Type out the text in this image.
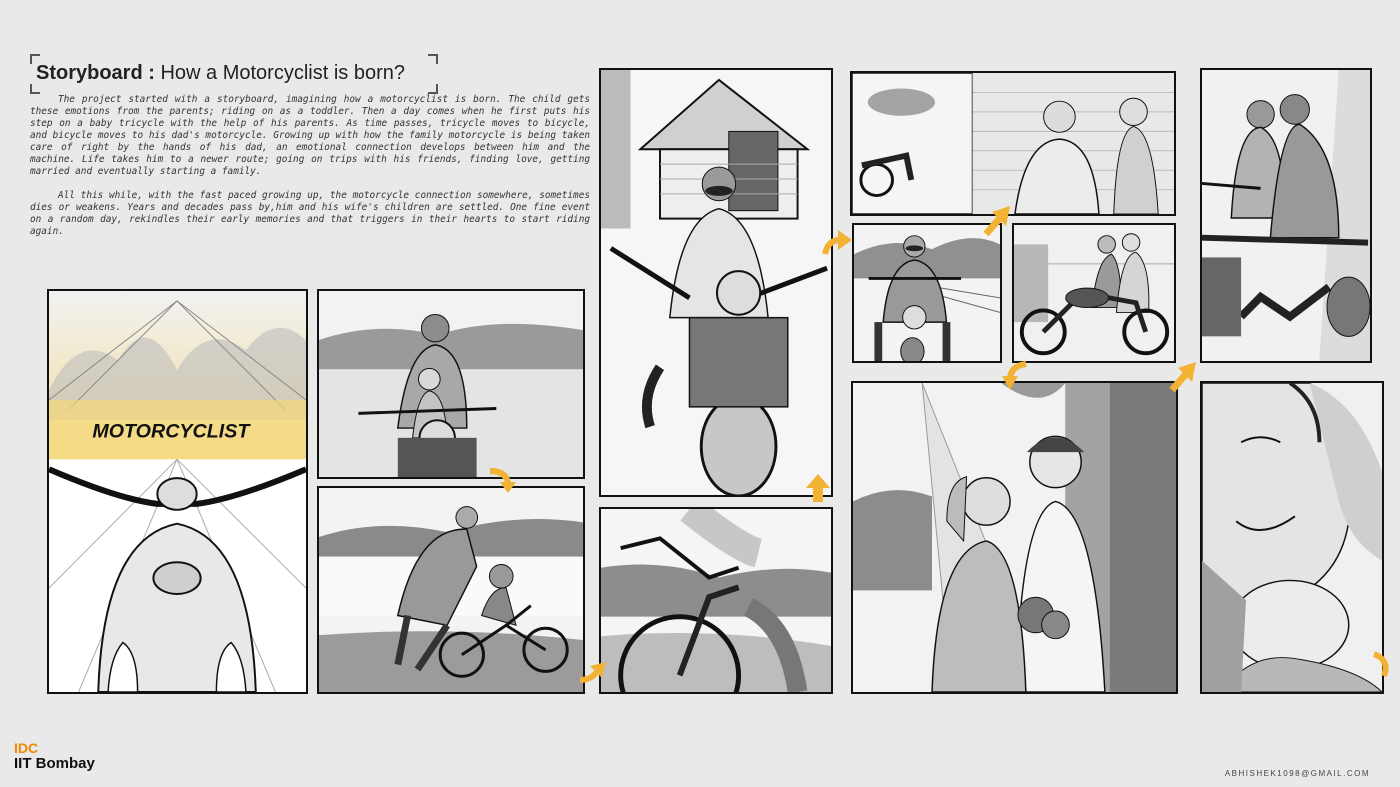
Storyboard : How a Motorcyclist is born?

The project started with a storyboard, imagining how a motorcyclist is born. The child gets these emotions from the parents; riding on as a toddler. Then a day comes when he first puts his step on a baby tricycle with the help of his parents. As time passes, tricycle moves to bicycle, and bicycle moves to his dad's motorcycle. Growing up with how the family motorcycle is being taken care of right by the hands of his dad, an emotional connection develops between him and the machine. Life takes him to a newer route; going on trips with his friends, finding love, getting married and eventually starting a family.

All this while, with the fast paced growing up, the motorcycle connection somewhere, sometimes dies or weakens. Years and decades pass by,him and his wife's children are settled. One fine event on a random day, rekindles their early memories and that triggers in their hearts to start riding again.

MOTORCYCLIST
IDC
IIT Bombay
ABHISHEK1098@GMAIL.COM
